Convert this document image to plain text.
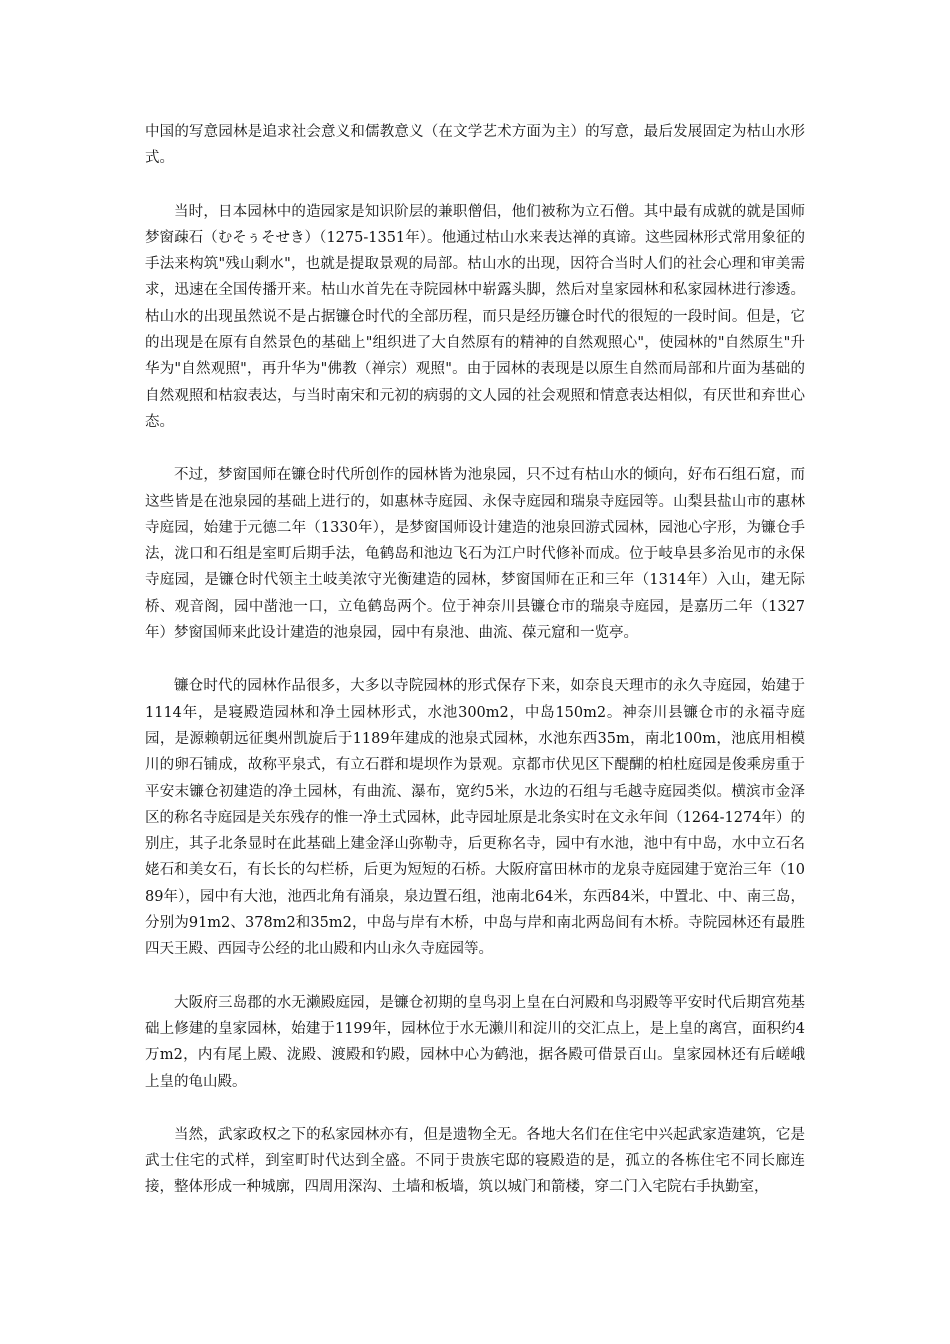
中国的写意园林是追求社会意义和儒教意义（在文学艺术方面为主）的写意，最后发展固定为枯山水形式。

当时，日本园林中的造园家是知识阶层的兼职僧侣，他们被称为立石僧。其中最有成就的就是国师梦窗疎石（むそぅそせき）（1275-1351年）。他通过枯山水来表达禅的真谛。这些园林形式常用象征的手法来构筑"残山剩水"，也就是提取景观的局部。枯山水的出现，因符合当时人们的社会心理和审美需求，迅速在全国传播开来。枯山水首先在寺院园林中崭露头脚，然后对皇家园林和私家园林进行渗透。枯山水的出现虽然说不是占据镰仓时代的全部历程，而只是经历镰仓时代的很短的一段时间。但是，它的出现是在原有自然景色的基础上"组织进了大自然原有的精神的自然观照心"，使园林的"自然原生"升华为"自然观照"，再升华为"佛教（禅宗）观照"。由于园林的表现是以原生自然而局部和片面为基础的自然观照和枯寂表达，与当时南宋和元初的病弱的文人园的社会观照和情意表达相似，有厌世和弃世心态。

不过，梦窗国师在镰仓时代所创作的园林皆为池泉园，只不过有枯山水的倾向，好布石组石窟，而这些皆是在池泉园的基础上进行的，如惠林寺庭园、永保寺庭园和瑞泉寺庭园等。山梨县盐山市的惠林寺庭园，始建于元德二年（1330年），是梦窗国师设计建造的池泉回游式园林，园池心字形，为镰仓手法，泷口和石组是室町后期手法，龟鹤岛和池边飞石为江户时代修补而成。位于岐阜县多治见市的永保寺庭园，是镰仓时代领主土岐美浓守光衡建造的园林，梦窗国师在正和三年（1314年）入山，建无际桥、观音阁，园中凿池一口，立龟鹤岛两个。位于神奈川县镰仓市的瑞泉寺庭园，是嘉历二年（1327年）梦窗国师来此设计建造的池泉园，园中有泉池、曲流、葆元窟和一览亭。

镰仓时代的园林作品很多，大多以寺院园林的形式保存下来，如奈良天理市的永久寺庭园，始建于1114年，是寝殿造园林和净土园林形式，水池300m2，中岛150m2。神奈川县镰仓市的永福寺庭园，是源赖朝远征奥州凯旋后于1189年建成的池泉式园林，水池东西35m，南北100m，池底用相模川的卵石铺成，故称平泉式，有立石群和堤坝作为景观。京都市伏见区下醍醐的柏杜庭园是俊乘房重于平安末镰仓初建造的净土园林，有曲流、瀑布，宽约5米，水边的石组与毛越寺庭园类似。横滨市金泽区的称名寺庭园是关东残存的惟一净土式园林，此寺园址原是北条实时在文永年间（1264-1274年）的别庄，其子北条显时在此基础上建金泽山弥勒寺，后更称名寺，园中有水池，池中有中岛，水中立石名姥石和美女石，有长长的勾栏桥，后更为短短的石桥。大阪府富田林市的龙泉寺庭园建于宽治三年（1089年），园中有大池，池西北角有涌泉，泉边置石组，池南北64米，东西84米，中置北、中、南三岛，分别为91m2、378m2和35m2，中岛与岸有木桥，中岛与岸和南北两岛间有木桥。寺院园林还有最胜四天王殿、西园寺公经的北山殿和内山永久寺庭园等。

大阪府三岛郡的水无濑殿庭园，是镰仓初期的皇鸟羽上皇在白河殿和鸟羽殿等平安时代后期宫苑基础上修建的皇家园林，始建于1199年，园林位于水无濑川和淀川的交汇点上，是上皇的离宫，面积约4万m2，内有尾上殿、泷殿、渡殿和钓殿，园林中心为鹤池，据各殿可借景百山。皇家园林还有后嵯峨上皇的龟山殿。

当然，武家政权之下的私家园林亦有，但是遗物全无。各地大名们在住宅中兴起武家造建筑，它是武士住宅的式样，到室町时代达到全盛。不同于贵族宅邸的寝殿造的是，孤立的各栋住宅不同长廊连接，整体形成一种城廓，四周用深沟、土墙和板墙，筑以城门和箭楼，穿二门入宅院右手执勤室，
